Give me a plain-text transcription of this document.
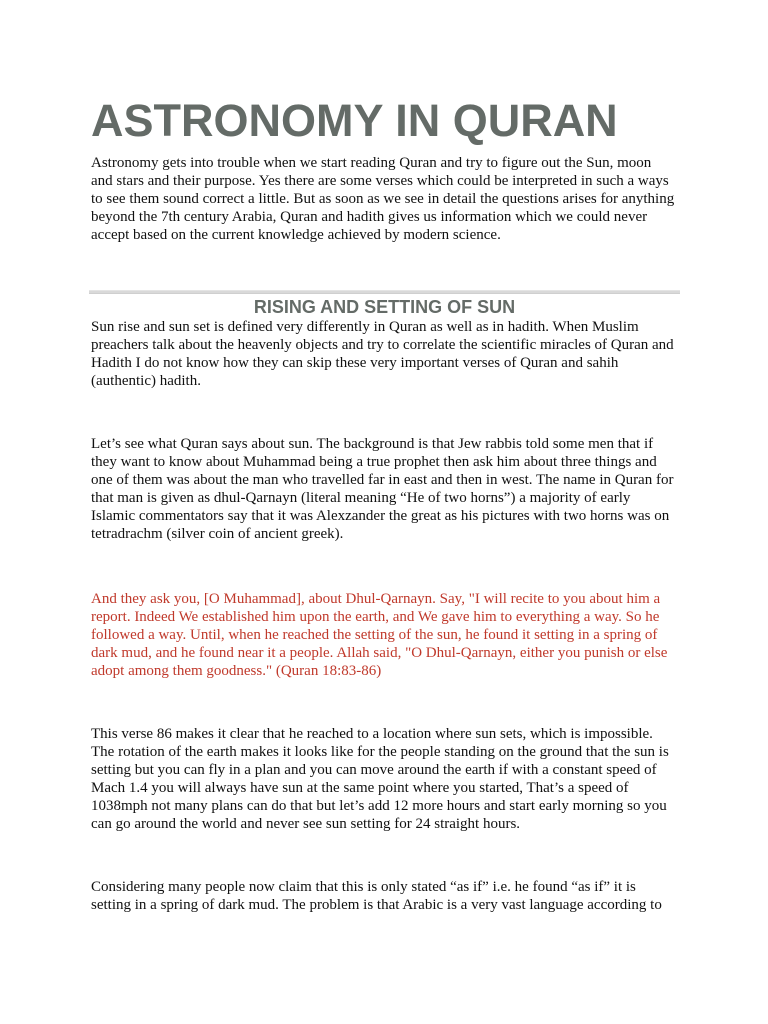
ASTRONOMY IN QURAN

Astronomy gets into trouble when we start reading Quran and try to figure out the Sun, moon
and stars and their purpose. Yes there are some verses which could be interpreted in such a ways
to see them sound correct a little. But as soon as we see in detail the questions arises for anything
beyond the 7th century Arabia, Quran and hadith gives us information which we could never
accept based on the current knowledge achieved by modern science.

RISING AND SETTING OF SUN

Sun rise and sun set is defined very differently in Quran as well as in hadith. When Muslim
preachers talk about the heavenly objects and try to correlate the scientific miracles of Quran and
Hadith I do not know how they can skip these very important verses of Quran and sahih
(authentic) hadith.

Let’s see what Quran says about sun. The background is that Jew rabbis told some men that if
they want to know about Muhammad being a true prophet then ask him about three things and
one of them was about the man who travelled far in east and then in west. The name in Quran for
that man is given as dhul-Qarnayn (literal meaning “He of two horns”) a majority of early
Islamic commentators say that it was Alexzander the great as his pictures with two horns was on
tetradrachm (silver coin of ancient greek).

And they ask you, [O Muhammad], about Dhul-Qarnayn. Say, "I will recite to you about him a
report. Indeed We established him upon the earth, and We gave him to everything a way. So he
followed a way. Until, when he reached the setting of the sun, he found it setting in a spring of
dark mud, and he found near it a people. Allah said, "O Dhul-Qarnayn, either you punish or else
adopt among them goodness." (Quran 18:83-86)

This verse 86 makes it clear that he reached to a location where sun sets, which is impossible.
The rotation of the earth makes it looks like for the people standing on the ground that the sun is
setting but you can fly in a plan and you can move around the earth if with a constant speed of
Mach 1.4 you will always have sun at the same point where you started, That’s a speed of
1038mph not many plans can do that but let’s add 12 more hours and start early morning so you
can go around the world and never see sun setting for 24 straight hours.

Considering many people now claim that this is only stated “as if” i.e. he found “as if” it is
setting in a spring of dark mud. The problem is that Arabic is a very vast language according to
